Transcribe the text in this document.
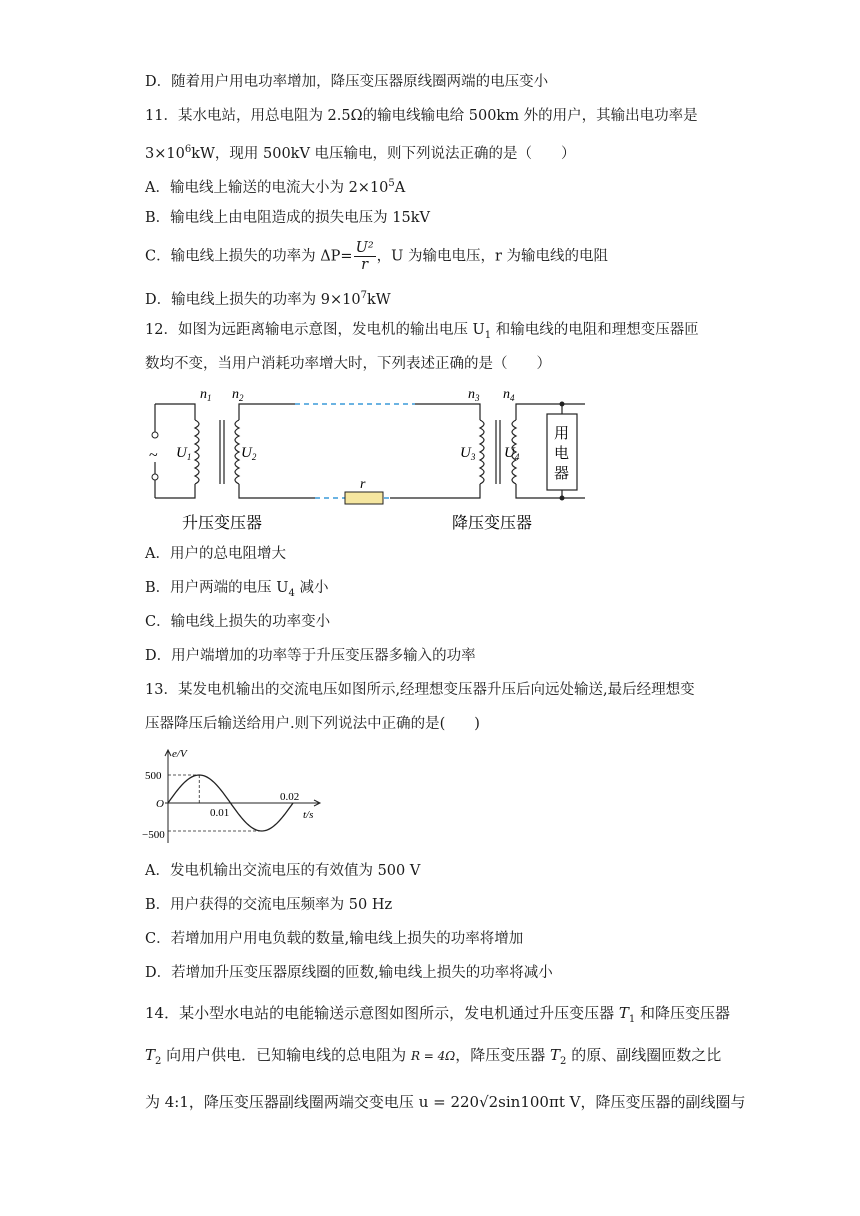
D．随着用户用电功率增加，降压变压器原线圈两端的电压变小
11．某水电站，用总电阻为 2.5Ω的输电线输电给 500km 外的用户，其输出电功率是
$3\times 10^6kW$，现用 500kV 电压输电，则下列说法正确的是（　　）
A．输电线上输送的电流大小为 $2\times 10^5A$
B．输电线上由电阻造成的损失电压为 15kV
C．输电线上损失的功率为 $\Delta P= \frac{\text{U²}}{r}$ ，U 为输电电压，r 为输电线的电阻
D．输电线上损失的功率为 $9\times 10^7kW$
12．如图为远距离输电示意图，发电机的输出电压 $U_1$ 和输电线的电阻和理想变压器匝
数均不变，当用户消耗功率增大时，下列表述正确的是（　　）
~
$n_1$ $n_2$	$n_3$ $n_4$
$U_1$	$U_2$	$U_3$ $U_4$
r
用
电
器
升压变压器	降压变压器
A．用户的总电阻增大
B．用户两端的电压 $U_4$ 减小
C．输电线上损失的功率变小
D．用户端增加的功率等于升压变压器多输入的功率
13．某发电机输出的交流电压如图所示,经理想变压器升压后向远处输送,最后经理想变
压器降压后输送给用户.则下列说法中正确的是(　　)
e/V
t/s
O
500
−500
0.01
0.02
A．发电机输出交流电压的有效值为 500 V
B．用户获得的交流电压频率为 50 Hz
C．若增加用户用电负载的数量,输电线上损失的功率将增加
D．若增加升压变压器原线圈的匝数,输电线上损失的功率将减小
14．某小型水电站的电能输送示意图如图所示，发电机通过升压变压器 $T_1$ 和降压变压器
$T_2$ 向用户供电．已知输电线的总电阻为 R = 4Ω，降压变压器 $T_2$ 的原、副线圈匝数之比
为 4:1，降压变压器副线圈两端交变电压 u = 220√2sin100πt V，降压变压器的副线圈与
